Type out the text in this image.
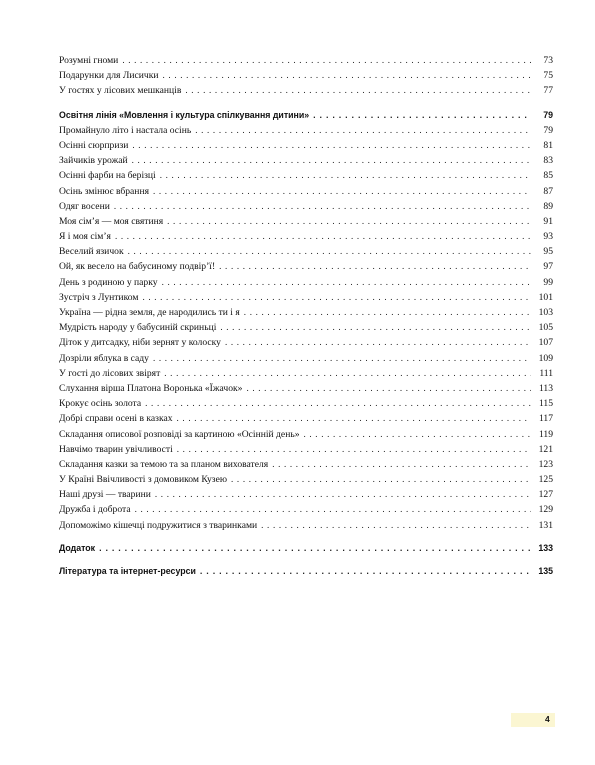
Розумні гноми . . .	73
Подарунки для Лисички . . .	75
У гостях у лісових мешканців . . .	77
Освітня лінія «Мовлення і культура спілкування дитини» . . .	79
Промайнуло літо і настала осінь . . .	79
Осінні сюрпризи . . .	81
Зайчиків урожай . . .	83
Осінні фарби на берізці . . .	85
Осінь змінює вбрання . . .	87
Одяг восени . . .	89
Моя сім’я — моя святиня . . .	91
Я і моя сім’я . . .	93
Веселий язичок . . .	95
Ой, як весело на бабусиному подвір’ї! . . .	97
День з родиною у парку . . .	99
Зустріч з Лунтиком . . .	101
Україна — рідна земля, де народились ти і я . . .	103
Мудрість народу у бабусиній скриньці . . .	105
Діток у дитсадку, ніби зернят у колоску . . .	107
Дозріли яблука в саду . . .	109
У гості до лісових звірят . . .	111
Слухання вірша Платона Воронька «Їжачок» . . .	113
Крокує осінь золота . . .	115
Добрі справи осені в казках . . .	117
Складання описової розповіді за картиною «Осінній день» . . .	119
Навчімо тварин увічливості . . .	121
Складання казки за темою та за планом вихователя . . .	123
У Країні Ввічливості з домовиком Кузею . . .	125
Наші друзі — тварини . . .	127
Дружба і доброта . . .	129
Допоможімо кішечці подружитися з тваринками . . .	131
Додаток . . .	133
Література та інтернет-ресурси . . .	135
4
